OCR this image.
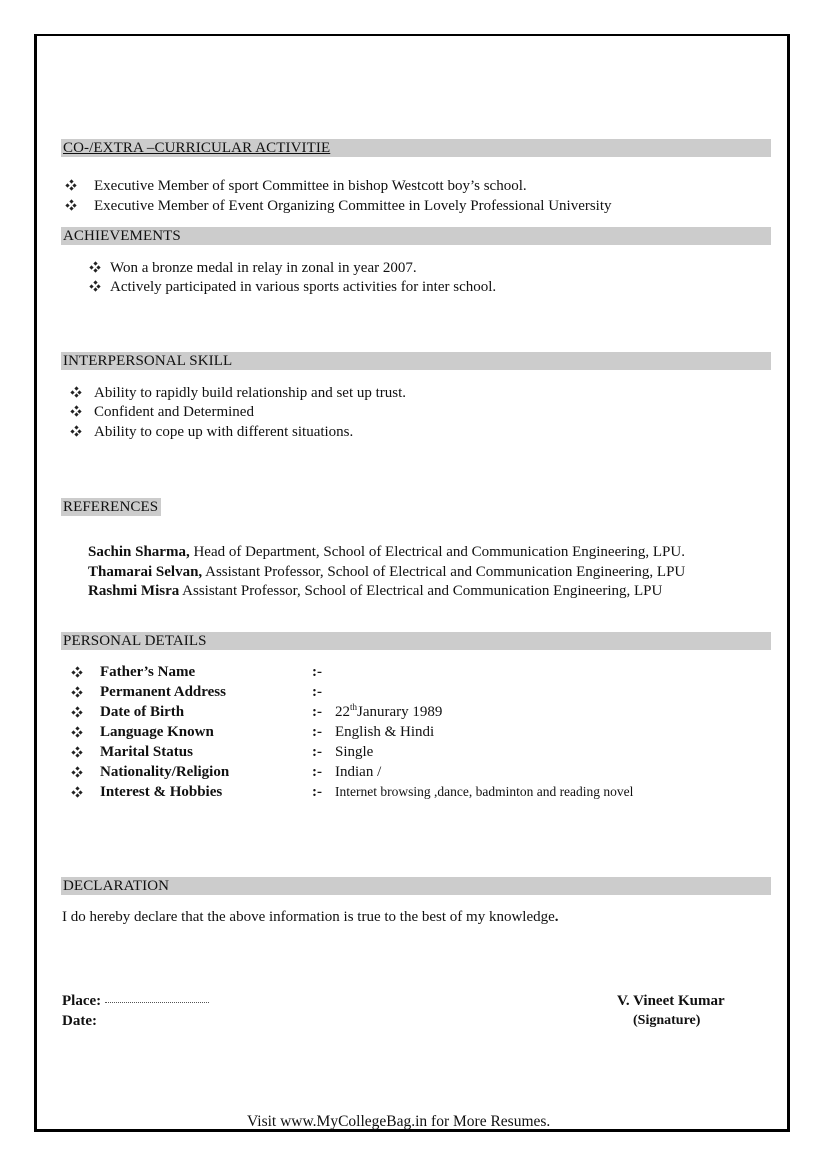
CO-/EXTRA –CURRICULAR ACTIVITIE
Executive Member of sport Committee in bishop Westcott boy’s school.
Executive Member of Event Organizing Committee in Lovely Professional University
ACHIEVEMENTS
Won a bronze medal in relay in zonal in year 2007.
Actively participated in various sports activities for inter school.
INTERPERSONAL SKILL
Ability to rapidly build relationship and set up trust.
Confident and Determined
Ability to cope up with different situations.
REFERENCES
Sachin Sharma, Head of Department, School of Electrical and Communication Engineering, LPU.
Thamarai Selvan, Assistant Professor, School of Electrical and Communication Engineering, LPU
Rashmi Misra Assistant Professor, School of Electrical and Communication Engineering, LPU
PERSONAL DETAILS
Father’s Name	:-
Permanent Address	:-
Date of Birth	:- 22thJanurary 1989
Language Known	:- English & Hindi
Marital Status	:- Single
Nationality/Religion	:- Indian /
Interest & Hobbies	:- Internet browsing ,dance, badminton and reading novel
DECLARATION
I do hereby declare that the above information is true to the best of my knowledge.
Place:
Date:
V. Vineet Kumar
(Signature)
Visit www.MyCollegeBag.in for More Resumes.
